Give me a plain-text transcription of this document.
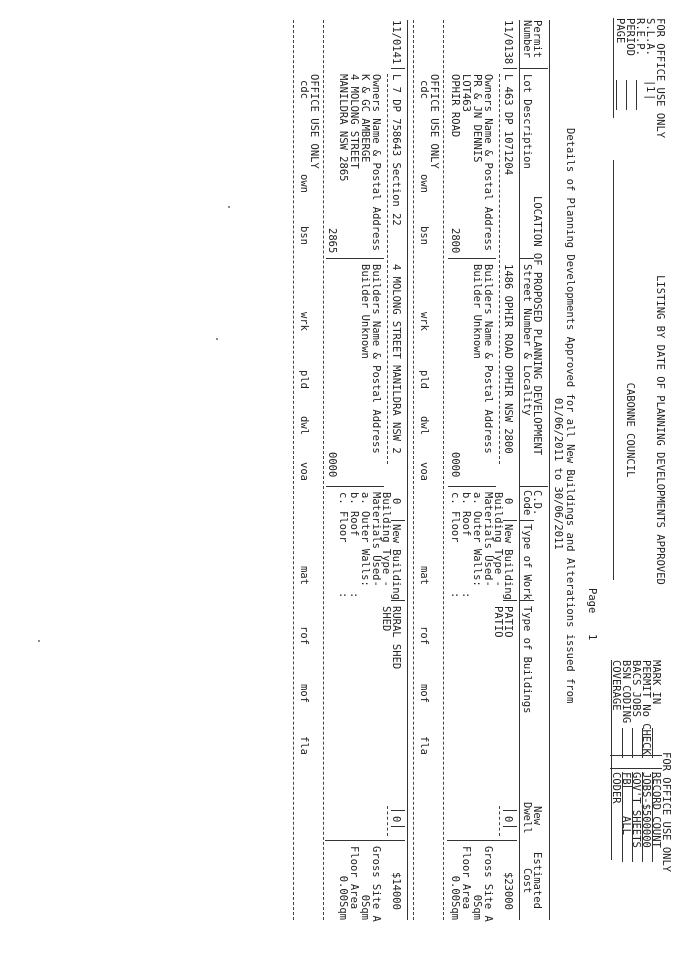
FOR OFFICE USE ONLY
S.L.A.
|
1
|
R.E.P.
PERIOD
PAGE
LISTING BY DATE OF PLANNING DEVELOPMENTS APPROVED
CABONNE COUNCIL
Page
1
FOR OFFICE USE ONLY
MARK IN
RECORD COUNT
PERMIT No CHECK
JOBS-$500000
BACS JOBS
GOV'T SHEETS
BSN CODING
FB
ALL
COVERAGE
CODER
Details of Planning Developments Approved for all New Buildings and Alterations issued from
01/06/2011 to 30/06/2011
Permit
Number
LOCATION OF PROPOSED PLANNING DEVELOPMENT
Lot Description
Street Number & Locality
C.D.
Code
Type of Work
Type of Buildings
New
Dwell
Estimated
Cost
11/0138
L 463 DP 1071204
1486 OPHIR ROAD OPHIR NSW 2800
0
New Building
PATIO
0
$23000
Owners Name & Postal Address
PR & JN DENNIS
LOT463
OPHIR ROAD
2800
Builders Name & Postal Address
Builder Unknown
0000
Building Type -
PATIO
Materials Used-
a. Outer Walls:
b. Roof
c. Floor
:
:
Gross Site A
0Sqm
Floor Area
0.00Sqm
OFFICE USE ONLY
cdc
own
bsn
wrk
pld
dwl
voa
mat
rof
mof
fla
11/0141
L 7 DP 758643 Section 22
4 MOLONG STREET MANILDRA NSW 2
0
New Building
RURAL SHED
0
$14000
Owners Name & Postal Address
K & GC AMBERGE
4 MOLONG STREET
MANILDRA NSW 2865
2865
Builders Name & Postal Address
Builder Unknown
0000
Building Type -
SHED
Materials Used-
a. Outer Walls:
b. Roof
c. Floor
:
:
Gross Site A
0Sqm
Floor Area
0.00Sqm
OFFICE USE ONLY
cdc
own
bsn
wrk
pld
dwl
voa
mat
rof
mof
fla
